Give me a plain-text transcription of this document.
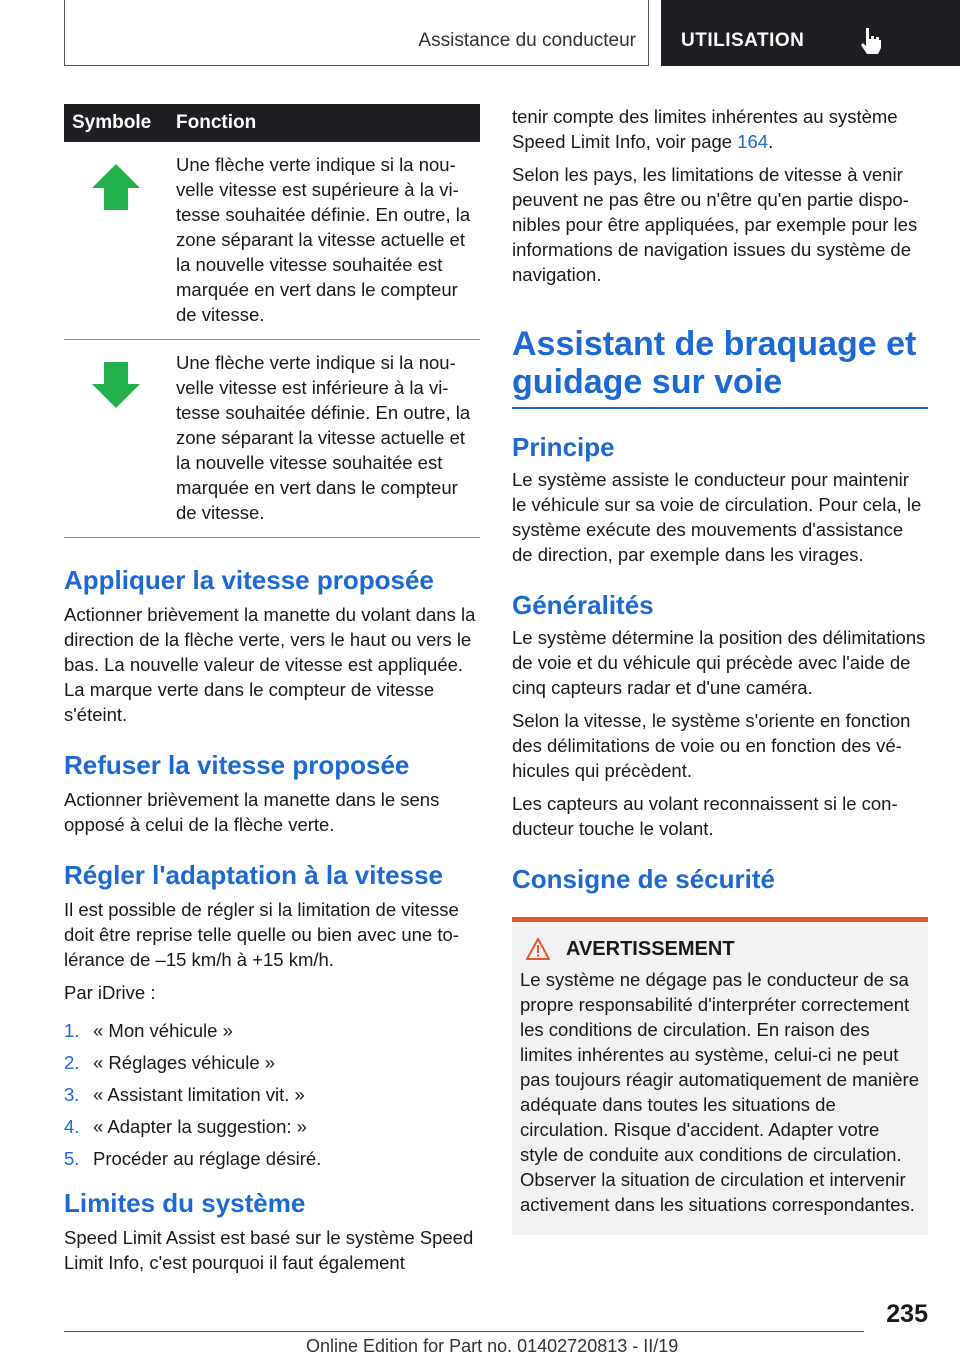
Assistance du conducteur UTILISATION
Symbole	Fonction
	Une flèche verte indique si la nouvelle vitesse est supérieure à la vitesse souhaitée définie. En outre, la zone séparant la vitesse actuelle et la nouvelle vitesse souhaitée est marquée en vert dans le compteur de vitesse.
	Une flèche verte indique si la nouvelle vitesse est inférieure à la vitesse souhaitée définie. En outre, la zone séparant la vitesse actuelle et la nouvelle vitesse souhaitée est marquée en vert dans le compteur de vitesse.
Appliquer la vitesse proposée

Actionner brièvement la manette du volant dans la direction de la flèche verte, vers le haut ou vers le bas. La nouvelle valeur de vitesse est appliquée. La marque verte dans le compteur de vitesse s'éteint.

Refuser la vitesse proposée

Actionner brièvement la manette dans le sens opposé à celui de la flèche verte.

Régler l'adaptation à la vitesse

Il est possible de régler si la limitation de vitesse doit être reprise telle quelle ou bien avec une tolérance de –15 km/h à +15 km/h.

Par iDrive :

1. « Mon véhicule »
2. « Réglages véhicule »
3. « Assistant limitation vit. »
4. « Adapter la suggestion: »
5. Procéder au réglage désiré.
Limites du système

Speed Limit Assist est basé sur le système Speed Limit Info, c'est pourquoi il faut également

tenir compte des limites inhérentes au système Speed Limit Info, voir page 164.

Selon les pays, les limitations de vitesse à venir peuvent ne pas être ou n'être qu'en partie disponibles pour être appliquées, par exemple pour les informations de navigation issues du système de navigation.

Assistant de braquage et guidage sur voie
Principe

Le système assiste le conducteur pour maintenir le véhicule sur sa voie de circulation. Pour cela, le système exécute des mouvements d'assistance de direction, par exemple dans les virages.

Généralités

Le système détermine la position des délimitations de voie et du véhicule qui précède avec l'aide de cinq capteurs radar et d'une caméra.

Selon la vitesse, le système s'oriente en fonction des délimitations de voie ou en fonction des véhicules qui précèdent.

Les capteurs au volant reconnaissent si le conducteur touche le volant.

Consigne de sécurité
AVERTISSEMENT

Le système ne dégage pas le conducteur de sa propre responsabilité d'interpréter correctement les conditions de circulation. En raison des limites inhérentes au système, celui-ci ne peut pas toujours réagir automatiquement de manière adéquate dans toutes les situations de circulation. Risque d'accident. Adapter votre style de conduite aux conditions de circulation. Observer la situation de circulation et intervenir activement dans les situations correspondantes.

235
Online Edition for Part no. 01402720813 - II/19
